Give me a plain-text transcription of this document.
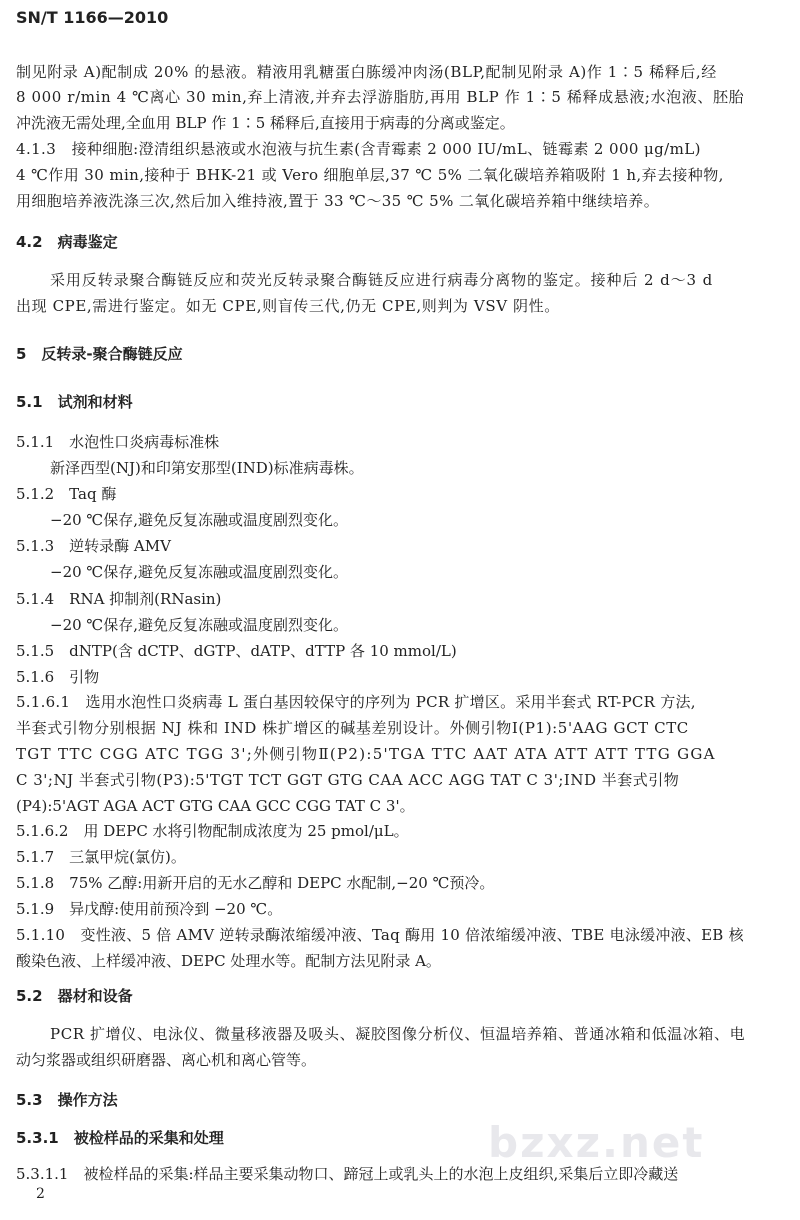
SN/T 1166—2010
制见附录 A)配制成 20% 的悬液。精液用乳糖蛋白胨缓冲肉汤(BLP,配制见附录 A)作 1∶5 稀释后,经
8 000 r/min 4 ℃离心 30 min,弃上清液,并弃去浮游脂肪,再用 BLP 作 1∶5 稀释成悬液;水泡液、胚胎
冲洗液无需处理,全血用 BLP 作 1∶5 稀释后,直接用于病毒的分离或鉴定。
4.1.3　接种细胞:澄清组织悬液或水泡液与抗生素(含青霉素 2 000 IU/mL、链霉素 2 000 μg/mL)
4 ℃作用 30 min,接种于 BHK-21 或 Vero 细胞单层,37 ℃ 5% 二氧化碳培养箱吸附 1 h,弃去接种物,
用细胞培养液洗涤三次,然后加入维持液,置于 33 ℃～35 ℃ 5% 二氧化碳培养箱中继续培养。
4.2　病毒鉴定
采用反转录聚合酶链反应和荧光反转录聚合酶链反应进行病毒分离物的鉴定。接种后 2 d～3 d
出现 CPE,需进行鉴定。如无 CPE,则盲传三代,仍无 CPE,则判为 VSV 阴性。
5　反转录-聚合酶链反应
5.1　试剂和材料
5.1.1　水泡性口炎病毒标准株
新泽西型(NJ)和印第安那型(IND)标准病毒株。
5.1.2　Taq 酶
−20 ℃保存,避免反复冻融或温度剧烈变化。
5.1.3　逆转录酶 AMV
−20 ℃保存,避免反复冻融或温度剧烈变化。
5.1.4　RNA 抑制剂(RNasin)
−20 ℃保存,避免反复冻融或温度剧烈变化。
5.1.5　dNTP(含 dCTP、dGTP、dATP、dTTP 各 10 mmol/L)
5.1.6　引物
5.1.6.1　选用水泡性口炎病毒 L 蛋白基因较保守的序列为 PCR 扩增区。采用半套式 RT-PCR 方法,
半套式引物分别根据 NJ 株和 IND 株扩增区的碱基差别设计。外侧引物Ⅰ(P1):5'AAG GCT CTC
TGT TTC CGG ATC TGG 3';外侧引物Ⅱ(P2):5'TGA TTC AAT ATA ATT ATT TTG GGA
C 3';NJ 半套式引物(P3):5'TGT TCT GGT GTG CAA ACC AGG TAT C 3';IND 半套式引物
(P4):5'AGT AGA ACT GTG CAA GCC CGG TAT C 3'。
5.1.6.2　用 DEPC 水将引物配制成浓度为 25 pmol/μL。
5.1.7　三氯甲烷(氯仿)。
5.1.8　75% 乙醇:用新开启的无水乙醇和 DEPC 水配制,−20 ℃预冷。
5.1.9　异戊醇:使用前预冷到 −20 ℃。
5.1.10　变性液、5 倍 AMV 逆转录酶浓缩缓冲液、Taq 酶用 10 倍浓缩缓冲液、TBE 电泳缓冲液、EB 核
酸染色液、上样缓冲液、DEPC 处理水等。配制方法见附录 A。
5.2　器材和设备
PCR 扩增仪、电泳仪、微量移液器及吸头、凝胶图像分析仪、恒温培养箱、普通冰箱和低温冰箱、电
动匀浆器或组织研磨器、离心机和离心管等。
5.3　操作方法
5.3.1　被检样品的采集和处理
5.3.1.1　被检样品的采集:样品主要采集动物口、蹄冠上或乳头上的水泡上皮组织,采集后立即冷藏送
bzxz.net
2
